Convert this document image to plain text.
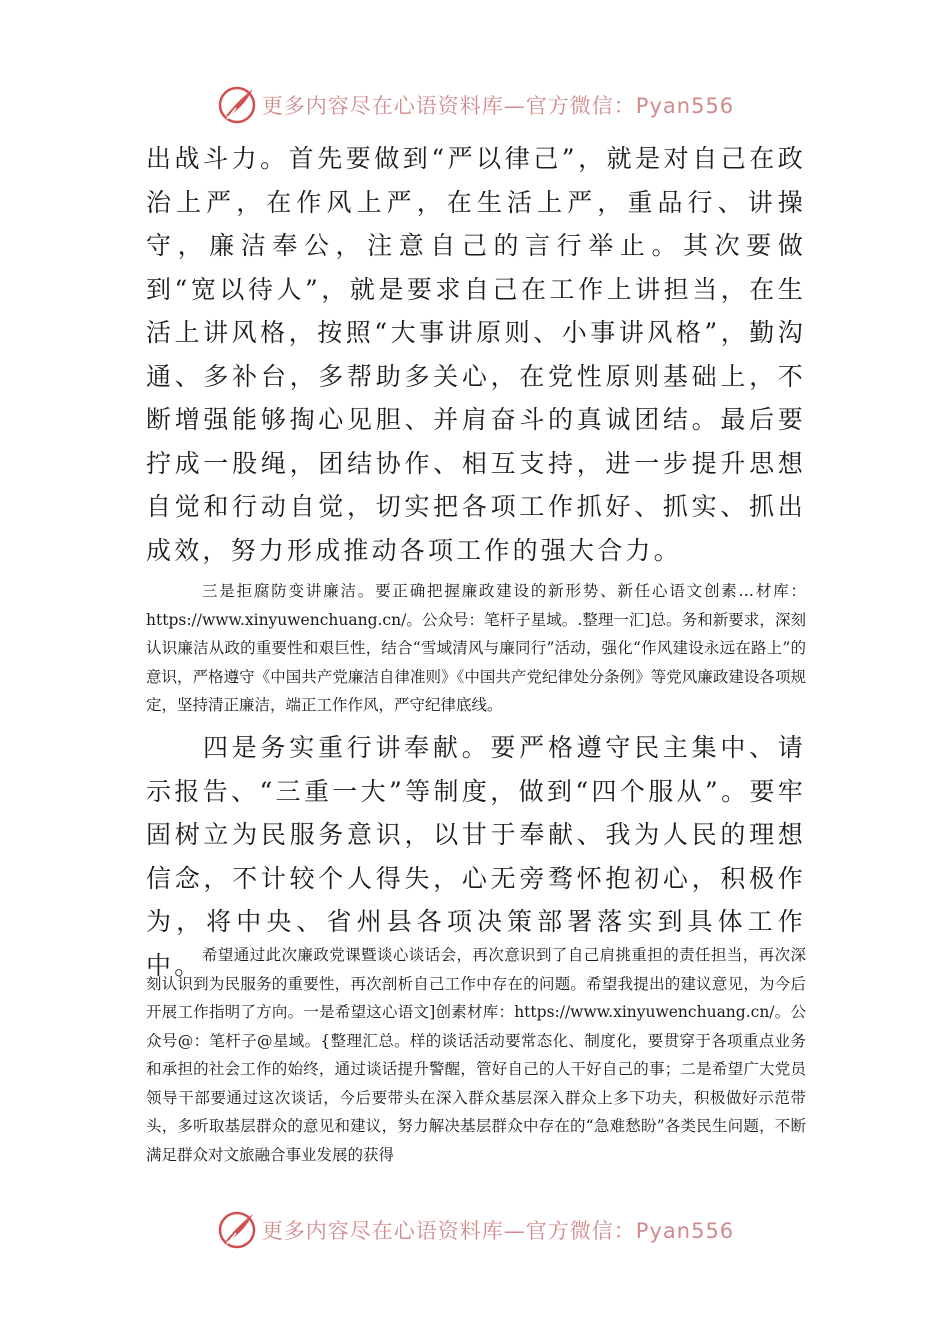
更多内容尽在心语资料库—官方微信：Pyan556

出战斗力。首先要做到“严以律己”，就是对自己在政治上严，在作风上严，在生活上严，重品行、讲操守，廉洁奉公，注意自己的言行举止。其次要做到“宽以待人”，就是要求自己在工作上讲担当，在生活上讲风格，按照“大事讲原则、小事讲风格”，勤沟通、多补台，多帮助多关心，在党性原则基础上，不断增强能够掏心见胆、并肩奋斗的真诚团结。最后要拧成一股绳，团结协作、相互支持，进一步提升思想自觉和行动自觉，切实把各项工作抓好、抓实、抓出成效，努力形成推动各项工作的强大合力。

三是拒腐防变讲廉洁。要正确把握廉政建设的新形势、新任心语文创素…材库：https://www.xinyuwenchuang.cn/。公众号：笔杆子星域。.整理一汇]总。务和新要求，深刻认识廉洁从政的重要性和艰巨性，结合“雪域清风与廉同行”活动，强化“作风建设永远在路上”的意识，严格遵守《中国共产党廉洁自律准则》《中国共产党纪律处分条例》等党风廉政建设各项规定，坚持清正廉洁，端正工作作风，严守纪律底线。

四是务实重行讲奉献。要严格遵守民主集中、请示报告、“三重一大”等制度，做到“四个服从”。要牢固树立为民服务意识，以甘于奉献、我为人民的理想信念，不计较个人得失，心无旁骛怀抱初心，积极作为，将中央、省州县各项决策部署落实到具体工作中。 希望通过此次廉政党课暨谈心谈话会，再次意识到了自己肩挑重担的责任担当，再次深刻认识到为民服务的重要性，再次剖析自己工作中存在的问题。希望我提出的建议意见，为今后开展工作指明了方向。一是希望这心语文]创素材库：https://www.xinyuwenchuang.cn/。公众号@：笔杆子@星域。{整理汇总。样的谈话活动要常态化、制度化，要贯穿于各项重点业务和承担的社会工作的始终，通过谈话提升警醒，管好自己的人干好自己的事；二是希望广大党员领导干部要通过这次谈话，今后要带头在深入群众基层深入群众上多下功夫，积极做好示范带头，多听取基层群众的意见和建议，努力解决基层群众中存在的“急难愁盼”各类民生问题，不断满足群众对文旅融合事业发展的获得

更多内容尽在心语资料库—官方微信：Pyan556
